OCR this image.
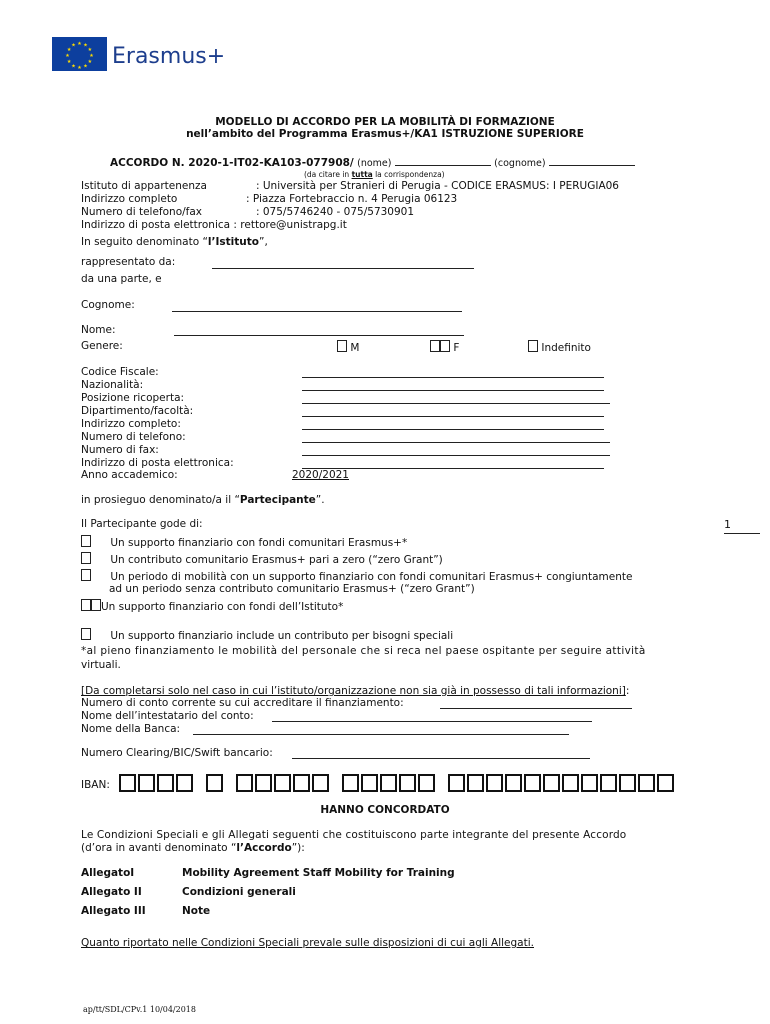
★ ★
★
★
★
★
★
★
★
★
★
★ Erasmus+
MODELLO DI ACCORDO PER LA MOBILITÀ DI FORMAZIONE
nell’ambito del Programma Erasmus+/KA1 ISTRUZIONE SUPERIORE
ACCORDO N. 2020-1-IT02-KA103-077908/ (nome)	(cognome)
(da citare in tutta la corrispondenza)
Istituto di appartenenza	: Università per Stranieri di Perugia - CODICE ERASMUS: I PERUGIA06
Indirizzo completo	: Piazza Fortebraccio n. 4 Perugia 06123
Numero di telefono/fax	: 075/5746240 - 075/5730901
Indirizzo di posta elettronica : rettore@unistrapg.it
In seguito denominato “l’Istituto”,
rappresentato da:
da una parte, e
Cognome:
Nome:
Genere:	M	F	Indefinito
Codice Fiscale:
Nazionalità:
Posizione ricoperta:
Dipartimento/facoltà:
Indirizzo completo:
Numero di telefono:
Numero di fax:
Indirizzo di posta elettronica:
Anno accademico:	2020/2021
in prosieguo denominato/a il “Partecipante”.
Il Partecipante gode di:	1
Un supporto finanziario con fondi comunitari Erasmus+*
Un contributo comunitario Erasmus+ pari a zero (“zero Grant”)
Un periodo di mobilità con un supporto finanziario con fondi comunitari Erasmus+ congiuntamente
ad un periodo senza contributo comunitario Erasmus+ (“zero Grant”)
Un supporto finanziario con fondi dell’Istituto*
Un supporto finanziario include un contributo per bisogni speciali
*al pieno finanziamento le mobilità del personale che si reca nel paese ospitante per seguire attività
virtuali.
[Da completarsi solo nel caso in cui l’istituto/organizzazione non sia già in possesso di tali informazioni]:
Numero di conto corrente su cui accreditare il finanziamento:
Nome dell’intestatario del conto:
Nome della Banca:
Numero Clearing/BIC/Swift bancario:
IBAN:
HANNO CONCORDATO
Le Condizioni Speciali e gli Allegati seguenti che costituiscono parte integrante del presente Accordo
(d’ora in avanti denominato “l’Accordo”):
AllegatoI	Mobility Agreement Staff Mobility for Training
Allegato II	Condizioni generali
Allegato III	Note
Quanto riportato nelle Condizioni Speciali prevale sulle disposizioni di cui agli Allegati.
ap/tt/SDL/CPv.1 10/04/2018
